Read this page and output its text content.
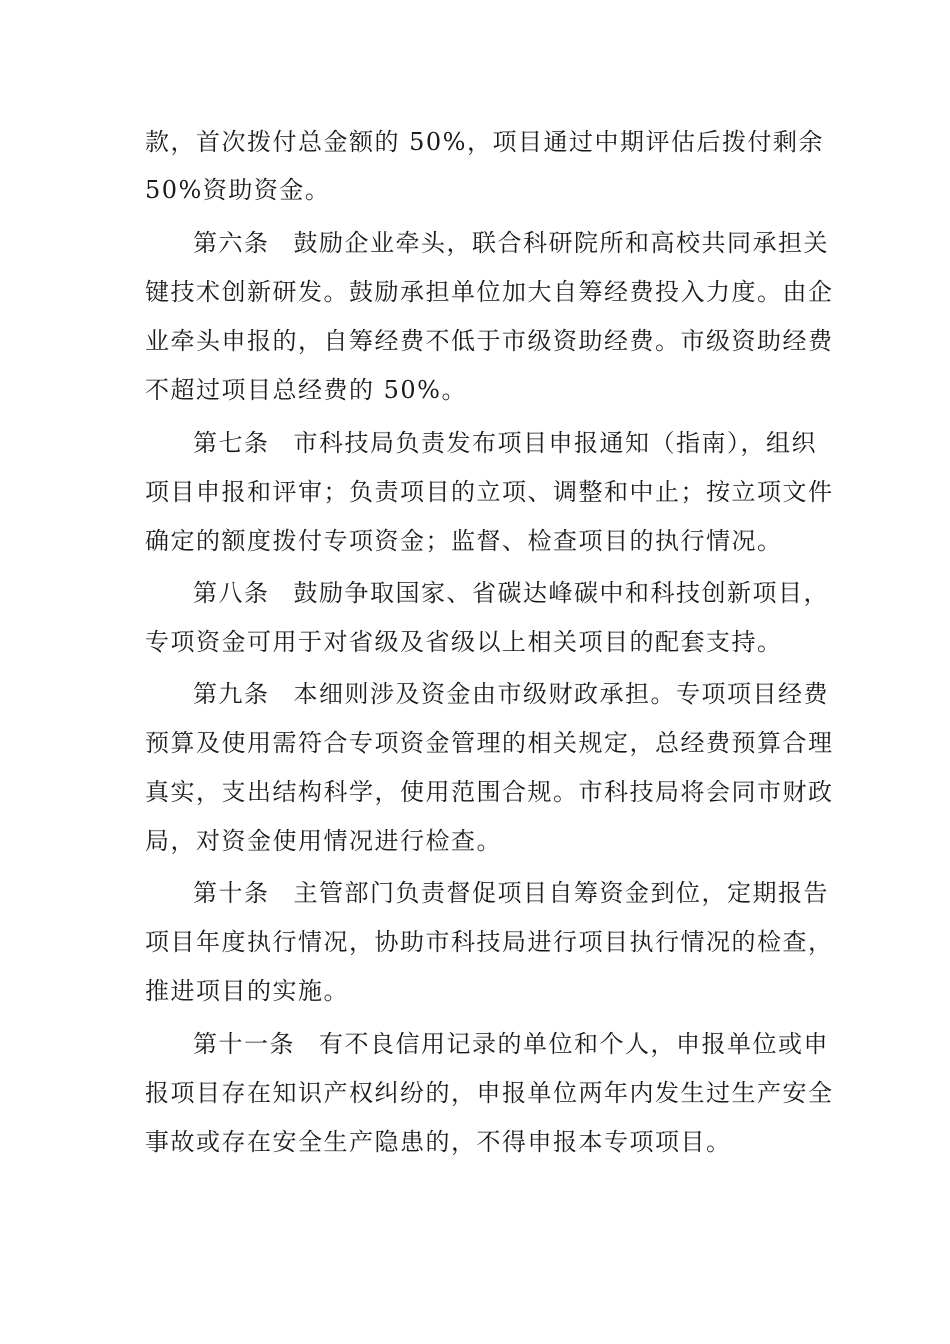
款，首次拨付总金额的 50%，项目通过中期评估后拨付剩余
50%资助资金。
第六条 鼓励企业牵头，联合科研院所和高校共同承担关
键技术创新研发。鼓励承担单位加大自筹经费投入力度。由企
业牵头申报的，自筹经费不低于市级资助经费。市级资助经费
不超过项目总经费的 50%。
第七条 市科技局负责发布项目申报通知（指南），组织
项目申报和评审；负责项目的立项、调整和中止；按立项文件
确定的额度拨付专项资金；监督、检查项目的执行情况。
第八条 鼓励争取国家、省碳达峰碳中和科技创新项目，
专项资金可用于对省级及省级以上相关项目的配套支持。
第九条 本细则涉及资金由市级财政承担。专项项目经费
预算及使用需符合专项资金管理的相关规定，总经费预算合理
真实，支出结构科学，使用范围合规。市科技局将会同市财政
局，对资金使用情况进行检查。
第十条 主管部门负责督促项目自筹资金到位，定期报告
项目年度执行情况，协助市科技局进行项目执行情况的检查，
推进项目的实施。
第十一条 有不良信用记录的单位和个人，申报单位或申
报项目存在知识产权纠纷的，申报单位两年内发生过生产安全
事故或存在安全生产隐患的，不得申报本专项项目。
